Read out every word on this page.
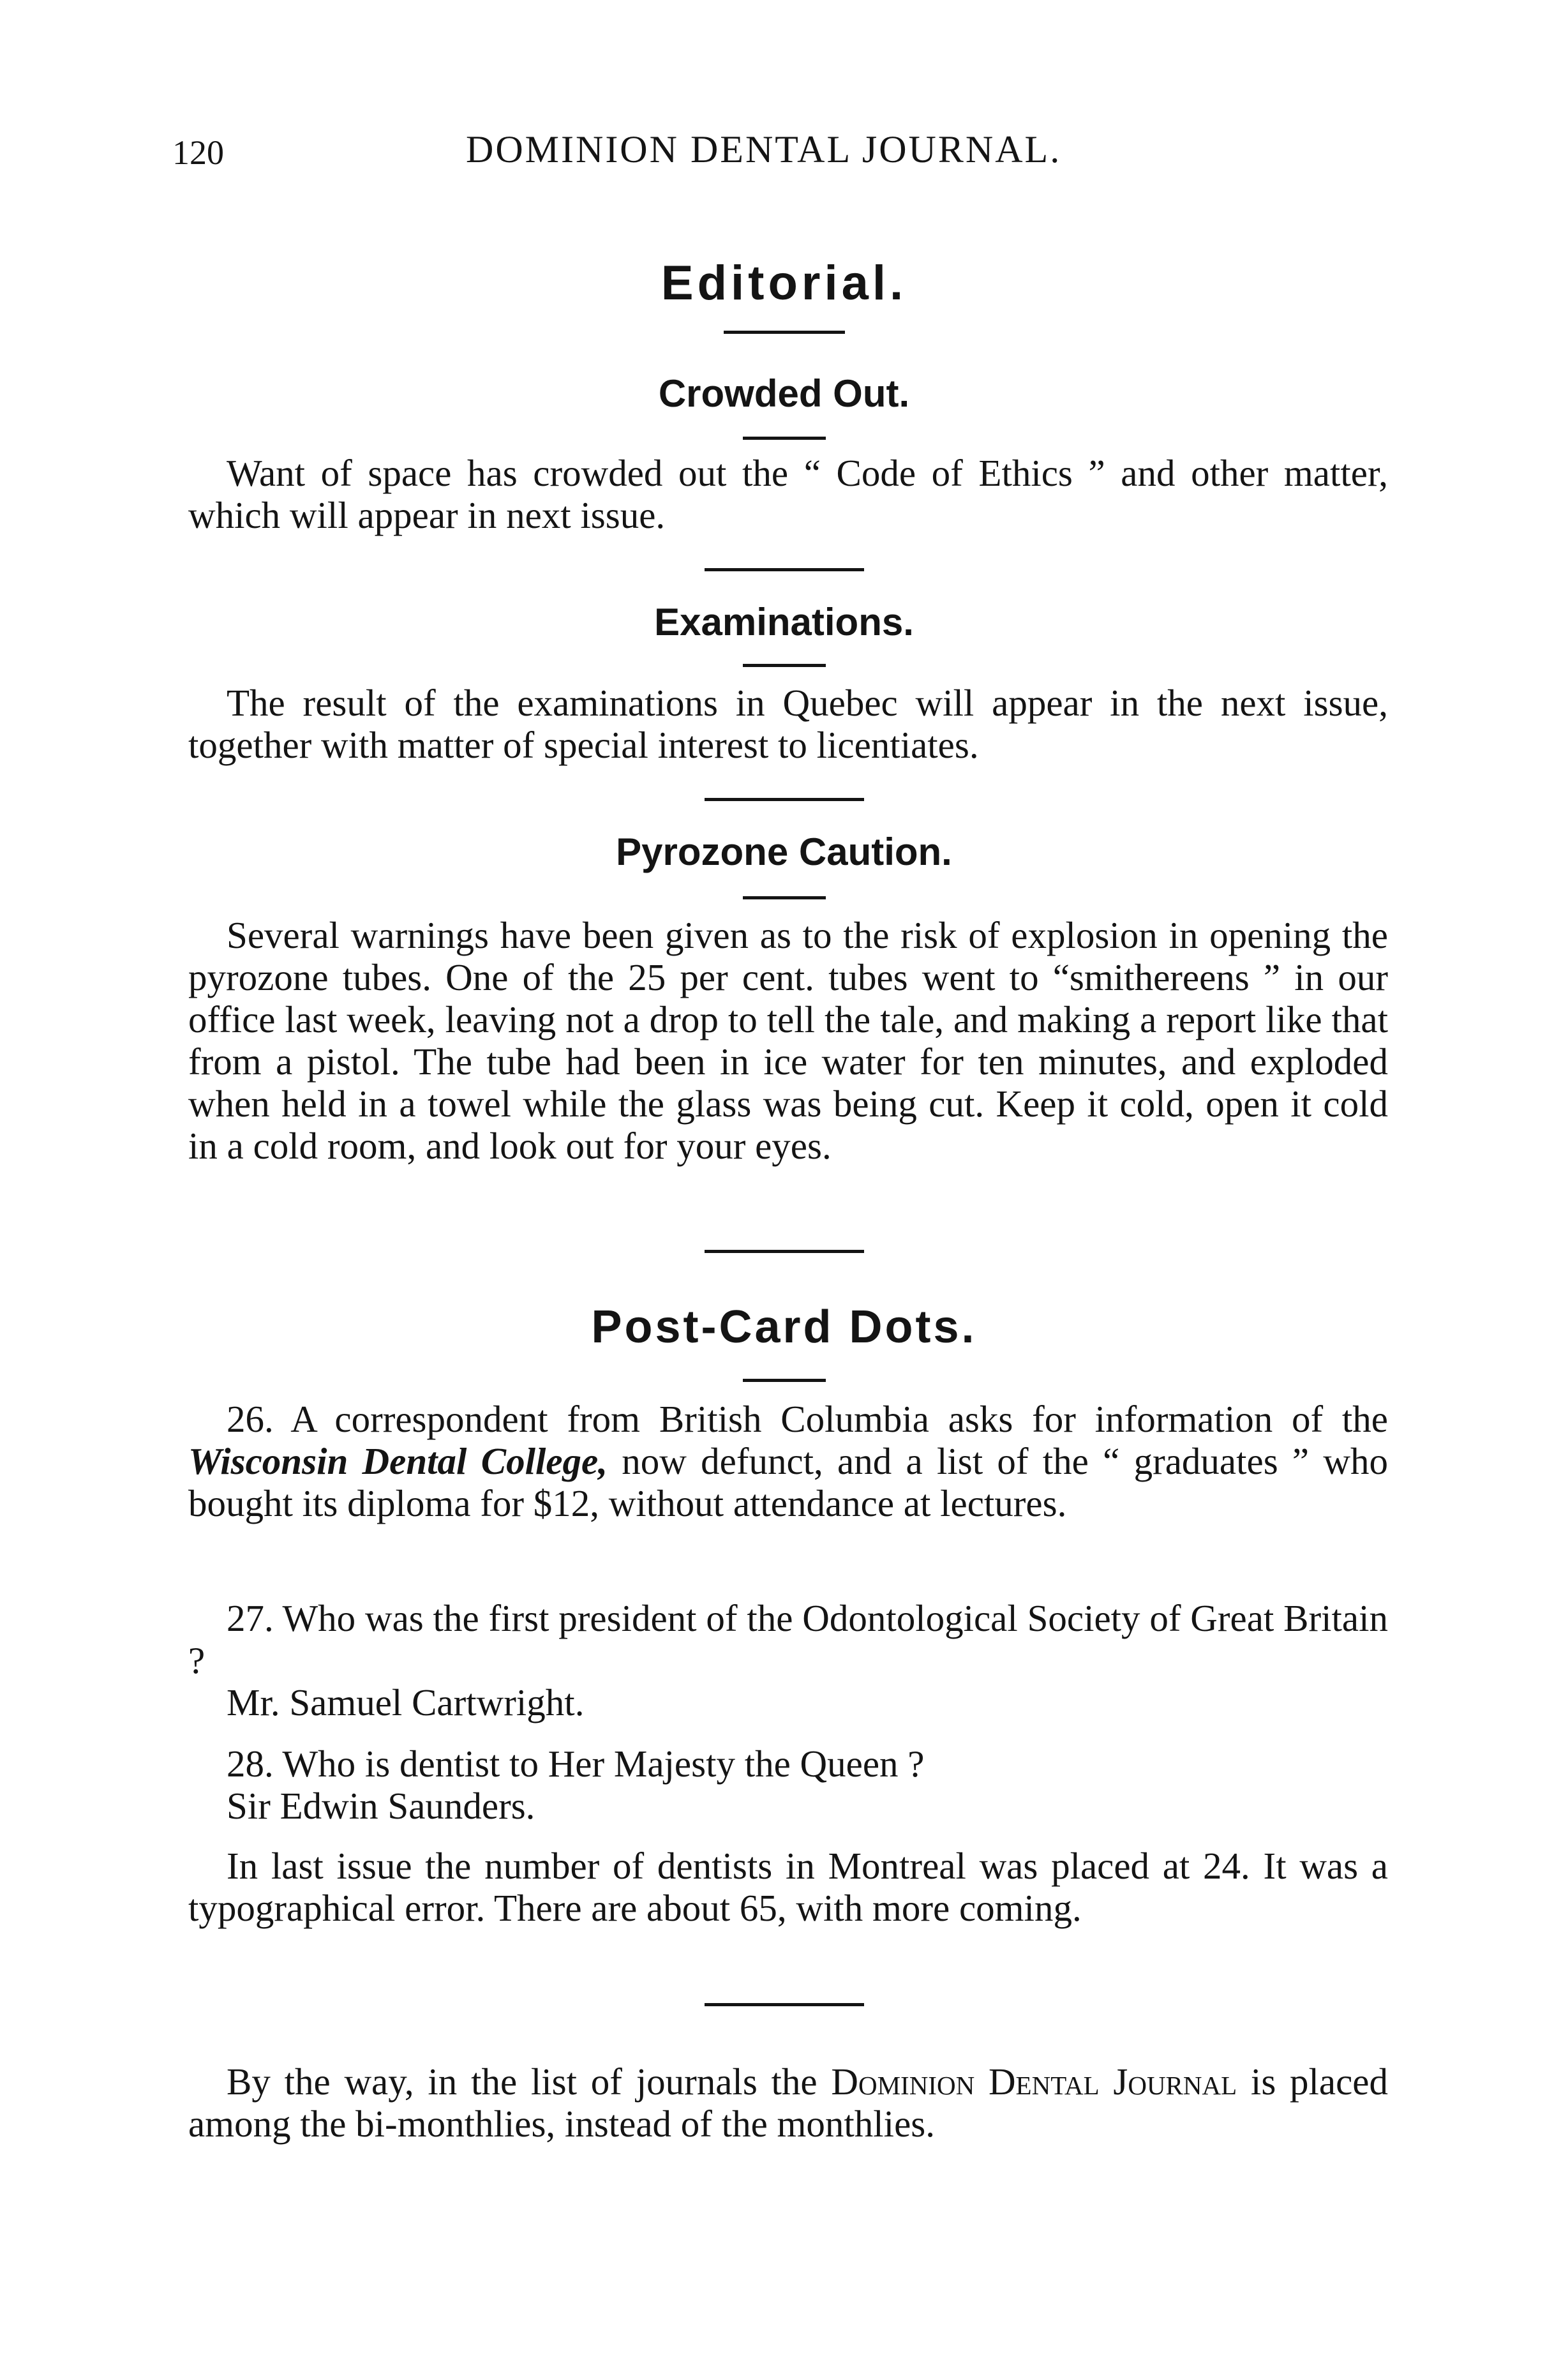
120	DOMINION DENTAL JOURNAL.
Editorial.
Crowded Out.

Want of space has crowded out the “ Code of Ethics ” and other matter, which will appear in next issue.

Examinations.

The result of the examinations in Quebec will appear in the next issue, together with matter of special interest to licentiates.

Pyrozone Caution.

Several warnings have been given as to the risk of explosion in opening the pyrozone tubes. One of the 25 per cent. tubes went to “smithereens ” in our office last week, leaving not a drop to tell the tale, and making a report like that from a pistol. The tube had been in ice water for ten minutes, and exploded when held in a towel while the glass was being cut. Keep it cold, open it cold in a cold room, and look out for your eyes.

Post-Card Dots.

26. A correspondent from British Columbia asks for information of the Wisconsin Dental College, now defunct, and a list of the “ graduates ” who bought its diploma for $12, without attendance at lectures.

27. Who was the first president of the Odontological Society of Great Britain ?

Mr. Samuel Cartwright.

28. Who is dentist to Her Majesty the Queen ?

Sir Edwin Saunders.

In last issue the number of dentists in Montreal was placed at 24. It was a typographical error. There are about 65, with more coming.

By the way, in the list of journals the Dominion Dental Journal is placed among the bi-monthlies, instead of the monthlies.
